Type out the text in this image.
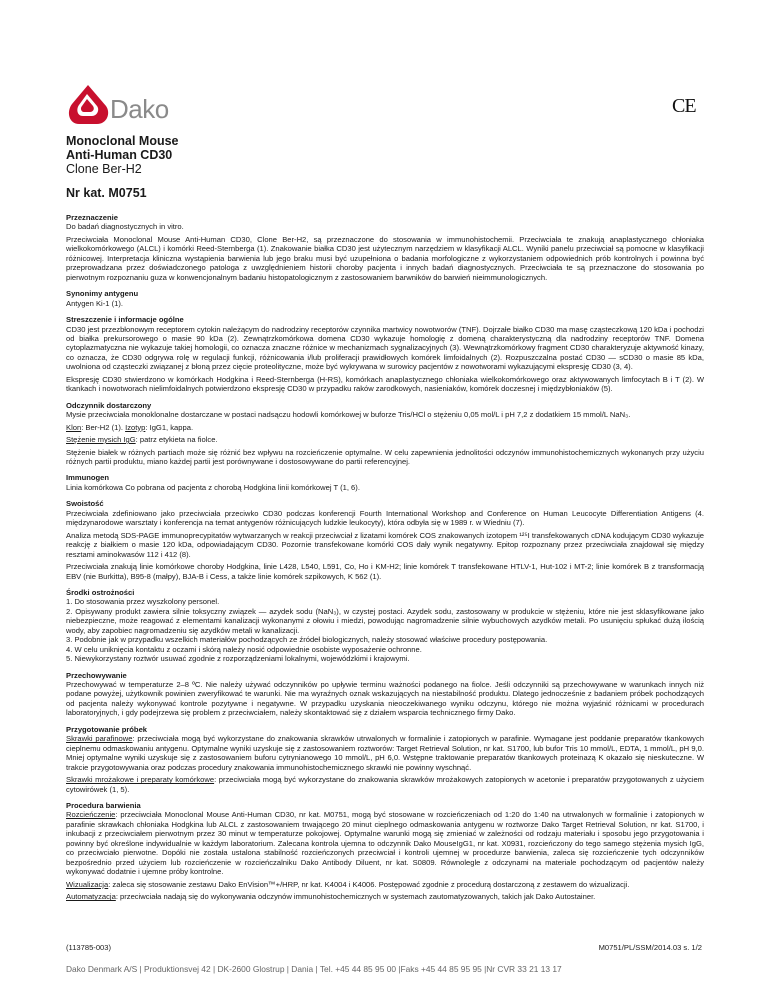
Dako	CE
Monoclonal Mouse
Anti-Human CD30
Clone Ber-H2
Nr kat. M0751
Przeznaczenie

Do badań diagnostycznych in vitro.

Przeciwciała Monoclonal Mouse Anti-Human CD30, Clone Ber-H2, są przeznaczone do stosowania w immunohistochemii. Przeciwciała te znakują anaplastycznego chłoniaka wielkokomórkowego (ALCL) i komórki Reed-Sternberga (1). Znakowanie białka CD30 jest użytecznym narzędziem w klasyfikacji ALCL. Wyniki panelu przeciwciał są pomocne w klasyfikacji różnicowej. Interpretacja kliniczna wystąpienia barwienia lub jego braku musi być uzupełniona o badania morfologiczne z wykorzystaniem odpowiednich prób kontrolnych i powinna być przeprowadzana przez doświadczonego patologa z uwzględnieniem historii choroby pacjenta i innych badań diagnostycznych. Przeciwciała te są przeznaczone do stosowania po pierwotnym rozpoznaniu guza w konwencjonalnym badaniu histopatologicznym z zastosowaniem barwników do barwień nieimmunologicznych.

Synonimy antygenu

Antygen Ki-1 (1).

Streszczenie i informacje ogólne

CD30 jest przezbłonowym receptorem cytokin należącym do nadrodziny receptorów czynnika martwicy nowotworów (TNF). Dojrzałe białko CD30 ma masę cząsteczkową 120 kDa i pochodzi od białka prekursorowego o masie 90 kDa (2). Zewnątrzkomórkowa domena CD30 wykazuje homologię z domeną charakterystyczną dla nadrodziny receptorów TNF. Domena cytoplazmatyczna nie wykazuje takiej homologii, co oznacza znaczne różnice w mechanizmach sygnalizacyjnych (3). Wewnątrzkomórkowy fragment CD30 charakteryzuje aktywność kinazy, co oznacza, że CD30 odgrywa rolę w regulacji funkcji, różnicowania i/lub proliferacji prawidłowych komórek limfoidalnych (2). Rozpuszczalna postać CD30 — sCD30 o masie 85 kDa, uwolniona od cząsteczki związanej z błoną przez cięcie proteolityczne, może być wykrywana w surowicy pacjentów z nowotworami wykazującymi ekspresję CD30 (3, 4).

Ekspresję CD30 stwierdzono w komórkach Hodgkina i Reed-Sternberga (H-RS), komórkach anaplastycznego chłoniaka wielkokomórkowego oraz aktywowanych limfocytach B i T (2). W tkankach i nowotworach nielimfoidalnych potwierdzono ekspresję CD30 w przypadku raków zarodkowych, nasieniaków, komórek doczesnej i międzybłoniaków (5).

Odczynnik dostarczony

Mysie przeciwciała monoklonalne dostarczane w postaci nadsączu hodowli komórkowej w buforze Tris/HCl o stężeniu 0,05 mol/L i pH 7,2 z dodatkiem 15 mmol/L NaN₃.

Klon: Ber-H2 (1). Izotyp: IgG1, kappa.

Stężenie mysich IgG: patrz etykieta na fiolce.

Stężenie białek w różnych partiach może się różnić bez wpływu na rozcieńczenie optymalne. W celu zapewnienia jednolitości odczynów immunohistochemicznych wykonanych przy użyciu różnych partii produktu, miano każdej partii jest porównywane i dostosowywane do partii referencyjnej.

Immunogen

Linia komórkowa Co pobrana od pacjenta z chorobą Hodgkina linii komórkowej T (1, 6).

Swoistość

Przeciwciała zdefiniowano jako przeciwciała przeciwko CD30 podczas konferencji Fourth International Workshop and Conference on Human Leucocyte Differentiation Antigens (4. międzynarodowe warsztaty i konferencja na temat antygenów różnicujących ludzkie leukocyty), która odbyła się w 1989 r. w Wiedniu (7).

Analiza metodą SDS-PAGE immunoprecypitatów wytwarzanych w reakcji przeciwciał z lizatami komórek COS znakowanych izotopem ¹²⁵I transfekowanych cDNA kodującym CD30 wykazuje reakcję z białkiem o masie 120 kDa, odpowiadającym CD30. Pozornie transfekowane komórki COS dały wynik negatywny. Epitop rozpoznany przez przeciwciała znajdował się między resztami aminokwasów 112 i 412 (8).

Przeciwciała znakują linie komórkowe choroby Hodgkina, linie L428, L540, L591, Co, Ho i KM-H2; linie komórek T transfekowane HTLV-1, Hut-102 i MT-2; linie komórek B z transformacją EBV (nie Burkitta), B95-8 (małpy), BJA-B i Cess, a także linie komórek szpikowych, K 562 (1).

Środki ostrożności

1. Do stosowania przez wyszkolony personel.

2. Opisywany produkt zawiera silnie toksyczny związek — azydek sodu (NaN₃), w czystej postaci. Azydek sodu, zastosowany w produkcie w stężeniu, które nie jest sklasyfikowane jako niebezpieczne, może reagować z elementami kanalizacji wykonanymi z ołowiu i miedzi, powodując nagromadzenie silnie wybuchowych azydków metali. Po usunięciu spłukać dużą ilością wody, aby zapobiec nagromadzeniu się azydków metali w kanalizacji.

3. Podobnie jak w przypadku wszelkich materiałów pochodzących ze źródeł biologicznych, należy stosować właściwe procedury postępowania.

4. W celu uniknięcia kontaktu z oczami i skórą należy nosić odpowiednie osobiste wyposażenie ochronne.

5. Niewykorzystany roztwór usuwać zgodnie z rozporządzeniami lokalnymi, wojewódzkimi i krajowymi.

Przechowywanie

Przechowywać w temperaturze 2–8 ºC. Nie należy używać odczynników po upływie terminu ważności podanego na fiolce. Jeśli odczynniki są przechowywane w warunkach innych niż podane powyżej, użytkownik powinien zweryfikować te warunki. Nie ma wyraźnych oznak wskazujących na niestabilność produktu. Dlatego jednocześnie z badaniem próbek pochodzących od pacjenta należy wykonywać kontrole pozytywne i negatywne. W przypadku uzyskania nieoczekiwanego wyniku odczynu, którego nie można wyjaśnić różnicami w procedurach laboratoryjnych, i gdy podejrzewa się problem z przeciwciałem, należy skontaktować się z działem wsparcia technicznego firmy Dako.

Przygotowanie próbek

Skrawki parafinowe: przeciwciała mogą być wykorzystane do znakowania skrawków utrwalonych w formalinie i zatopionych w parafinie. Wymagane jest poddanie preparatów tkankowych cieplnemu odmaskowaniu antygenu. Optymalne wyniki uzyskuje się z zastosowaniem roztworów: Target Retrieval Solution, nr kat. S1700, lub bufor Tris 10 mmol/L, EDTA, 1 mmol/L, pH 9,0. Mniej optymalne wyniki uzyskuje się z zastosowaniem buforu cytrynianowego 10 mmol/L, pH 6,0. Wstępne traktowanie preparatów tkankowych proteinazą K okazało się nieskuteczne. W trakcie przygotowywania oraz podczas procedury znakowania immunohistochemicznego skrawki nie powinny wyschnąć.

Skrawki mrożakowe i preparaty komórkowe: przeciwciała mogą być wykorzystane do znakowania skrawków mrożakowych zatopionych w acetonie i preparatów przygotowanych z użyciem cytowirówek (1, 5).

Procedura barwienia

Rozcieńczenie: przeciwciała Monoclonal Mouse Anti-Human CD30, nr kat. M0751, mogą być stosowane w rozcieńczeniach od 1:20 do 1:40 na utrwalonych w formalinie i zatopionych w parafinie skrawkach chłoniaka Hodgkina lub ALCL z zastosowaniem trwającego 20 minut cieplnego odmaskowania antygenu w roztworze Dako Target Retrieval Solution, nr kat. S1700, i inkubacji z przeciwciałem pierwotnym przez 30 minut w temperaturze pokojowej. Optymalne warunki mogą się zmieniać w zależności od rodzaju materiału i sposobu jego przygotowania i powinny być określone indywidualnie w każdym laboratorium. Zalecana kontrola ujemna to odczynnik Dako MouseIgG1, nr kat. X0931, rozcieńczony do tego samego stężenia mysich IgG, co przeciwciało pierwotne. Dopóki nie została ustalona stabilność rozcieńczonych przeciwciał i kontroli ujemnej w procedurze barwienia, zaleca się rozcieńczenie tych odczynników bezpośrednio przed użyciem lub rozcieńczenie w rozcieńczalniku Dako Antibody Diluent, nr kat. S0809. Równolegle z odczynami na materiale pochodzącym od pacjentów należy wykonywać dodatnie i ujemne próby kontrolne.

Wizualizacja: zaleca się stosowanie zestawu Dako EnVision™+/HRP, nr kat. K4004 i K4006. Postępować zgodnie z procedurą dostarczoną z zestawem do wizualizacji.

Automatyzacja: przeciwciała nadają się do wykonywania odczynów immunohistochemicznych w systemach zautomatyzowanych, takich jak Dako Autostainer.

(113785-003)	M0751/PL/SSM/2014.03 s. 1/2
Dako Denmark A/S | Produktionsvej 42 | DK-2600 Glostrup | Dania | Tel. +45 44 85 95 00 |Faks +45 44 85 95 95 |Nr CVR 33 21 13 17
